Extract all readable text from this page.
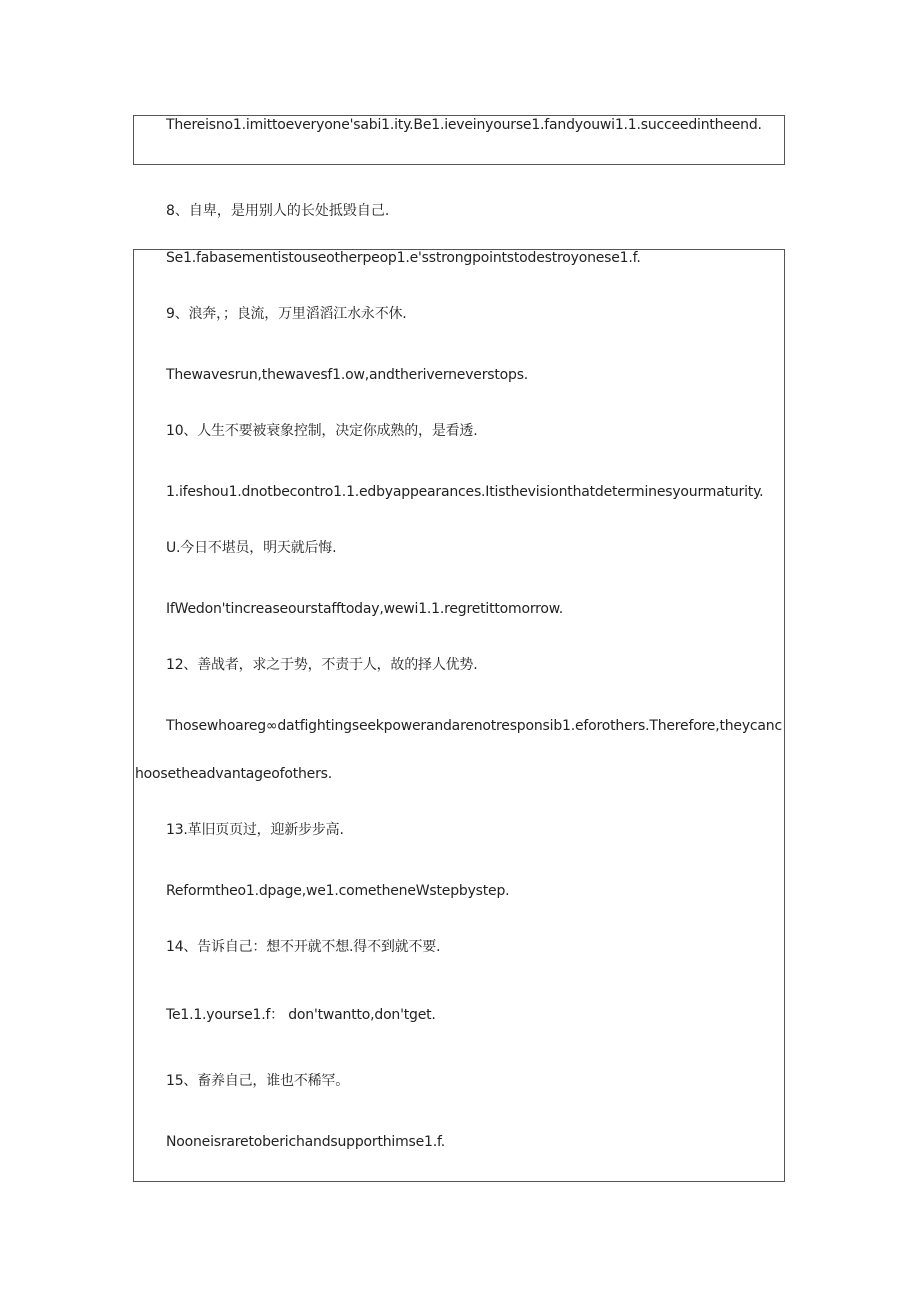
Thereisno1.imittoeveryone'sabi1.ity.Be1.ieveinyourse1.fandyouwi1.1.succeedintheend.
8、自卑，是用别人的长处抵毁自己.
Se1.fabasementistouseotherpeop1.e'sstrongpointstodestroyonese1.f.
9、浪奔，；良流，万里滔滔江水永不休.
Thewavesrun,thewavesf1.ow,andtheriverneverstops.
10、人生不要被衰象控制，决定你成熟的，是看透.
1.ifeshou1.dnotbecontro1.1.edbyappearances.Itisthevisionthatdeterminesyourmaturity.
U.今日不堪员，明天就后悔.
IfWedon'tincreaseourstafftoday,wewi1.1.regretittomorrow.
12、善战者，求之于势，不责于人，故的择人优势.
Thosewhoareg∞datfightingseekpowerandarenotresponsib1.eforothers.Therefore,theycanc
hoosetheadvantageofothers.
13.革旧页页过，迎新步步高.
Reformtheo1.dpage,we1.cometheneWstepbystep.
14、告诉自己：想不开就不想.得不到就不要.
Te1.1.yourse1.f： don'twantto,don'tget.
15、畜养自己，谁也不稀罕。
Nooneisraretoberichandsupporthimse1.f.
